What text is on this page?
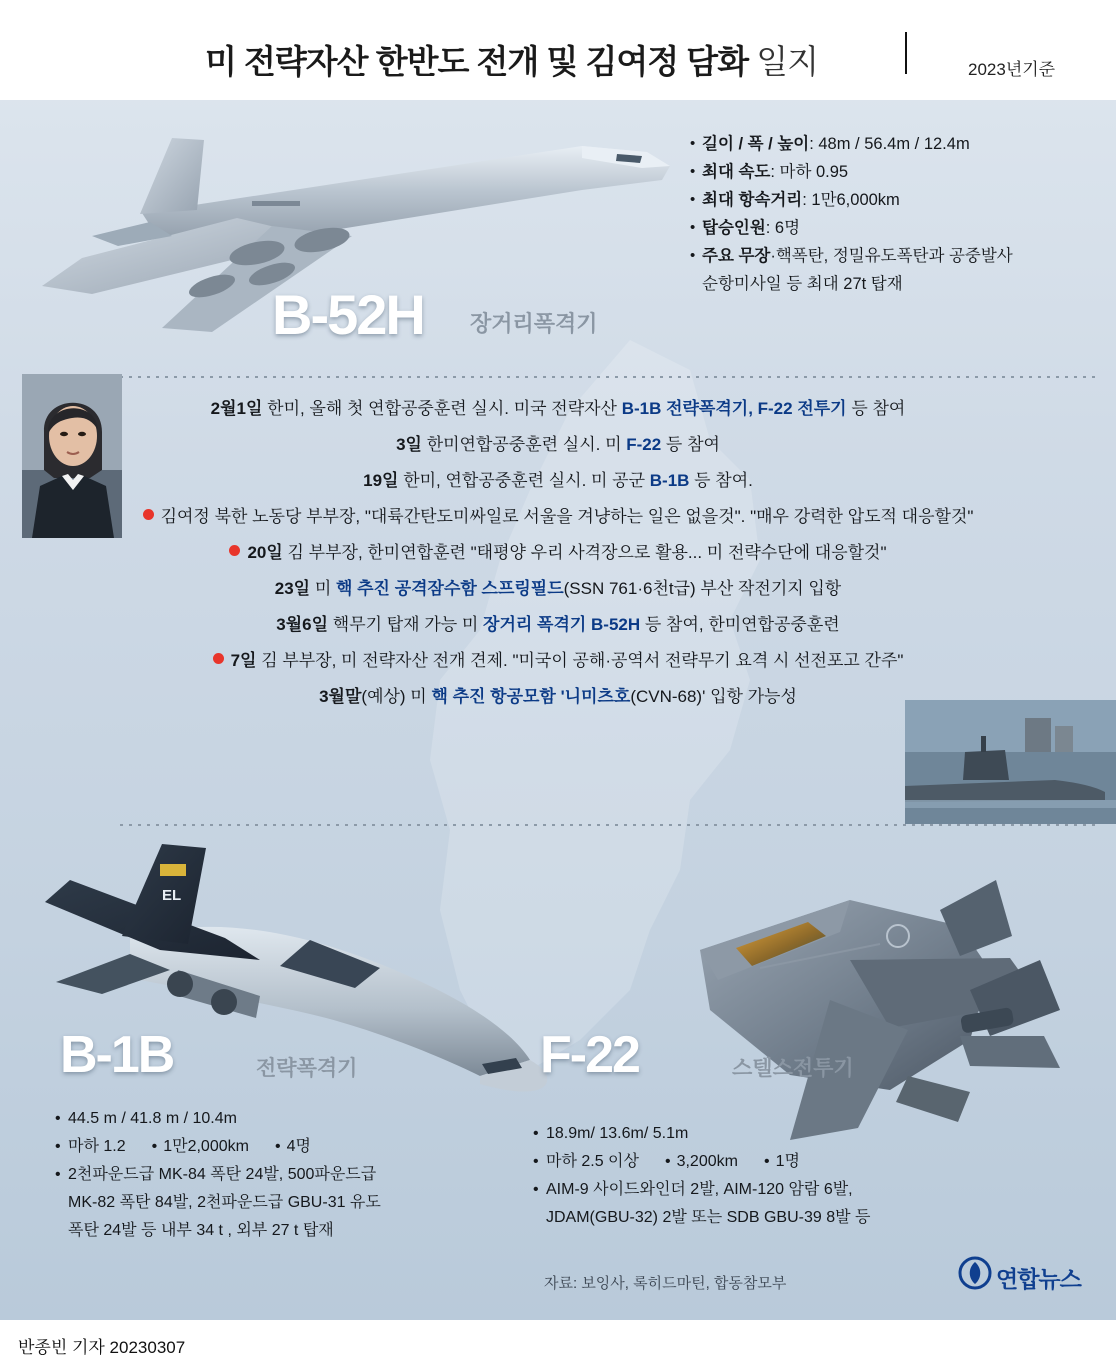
미 전략자산 한반도 전개 및 김여정 담화 일지	2023년기준
B-52H 장거리폭격기
• 길이 / 폭 / 높이: 48m / 56.4m / 12.4m
• 최대 속도: 마하 0.95
• 최대 항속거리: 1만6,000km
• 탑승인원: 6명
• 주요 무장·핵폭탄, 정밀유도폭탄과 공중발사
순항미사일 등 최대 27t 탑재
2월1일 한미, 올해 첫 연합공중훈련 실시. 미국 전략자산 B-1B 전략폭격기, F-22 전투기 등 참여
3일 한미연합공중훈련 실시. 미 F-22 등 참여
19일 한미, 연합공중훈련 실시. 미 공군 B-1B 등 참여.
김여정 북한 노동당 부부장, "대륙간탄도미싸일로 서울을 겨냥하는 일은 없을것". "매우 강력한 압도적 대응할것"
20일 김 부부장, 한미연합훈련 "태평양 우리 사격장으로 활용... 미 전략수단에 대응할것"
23일 미 핵 추진 공격잠수함 스프링필드(SSN 761·6천t급) 부산 작전기지 입항
3월6일 핵무기 탑재 가능 미 장거리 폭격기 B-52H 등 참여, 한미연합공중훈련
7일 김 부부장, 미 전략자산 전개 견제. "미국이 공해·공역서 전략무기 요격 시 선전포고 간주"
3월말(예상) 미 핵 추진 항공모함 '니미츠호(CVN-68)' 입항 가능성
EL
B-1B	전략폭격기
• 44.5 m / 41.8 m / 10.4m
• 마하 1.2 • 1만2,000km • 4명
• 2천파운드급 MK-84 폭탄 24발, 500파운드급
MK-82 폭탄 84발, 2천파운드급 GBU-31 유도
폭탄 24발 등 내부 34 t , 외부 27 t 탑재
F-22	스텔스전투기
• 18.9m/ 13.6m/ 5.1m
• 마하 2.5 이상 • 3,200km • 1명
• AIM-9 사이드와인더 2발, AIM-120 암람 6발,
JDAM(GBU-32) 2발 또는 SDB GBU-39 8발 등
자료: 보잉사, 록히드마틴, 합동참모부	연합뉴스
반종빈 기자 20230307
